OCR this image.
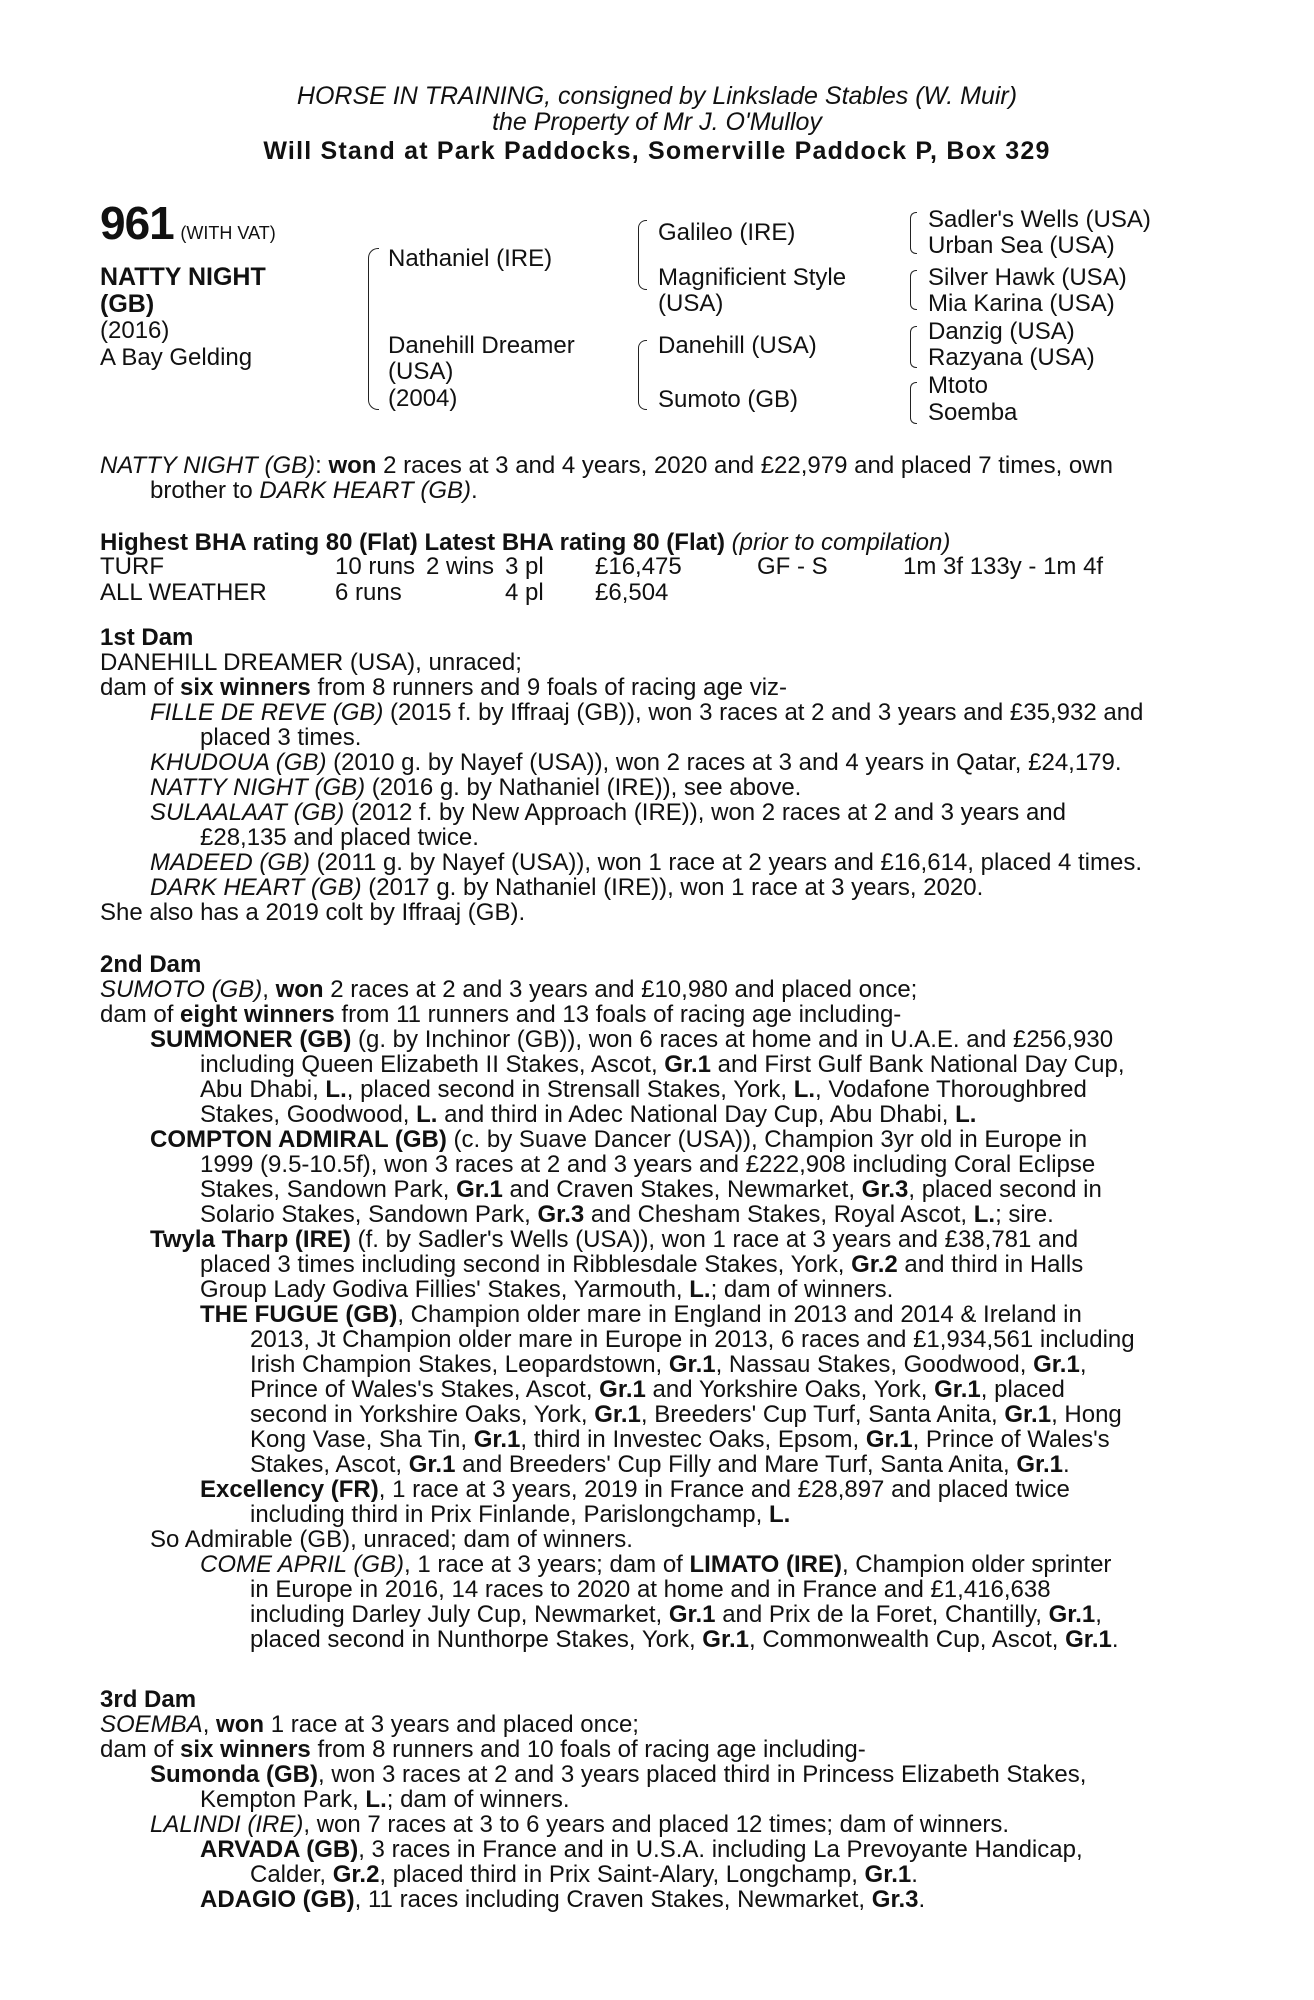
HORSE IN TRAINING, consigned by Linkslade Stables (W. Muir)
the Property of Mr J. O'Mulloy
Will Stand at Park Paddocks, Somerville Paddock P, Box 329
961 (WITH VAT)
NATTY NIGHT
(GB)
(2016)
A Bay Gelding
Nathaniel (IRE)
Danehill Dreamer
(USA)
(2004)
Galileo (IRE)
Magnificient Style
(USA)
Danehill (USA)
Sumoto (GB)
Sadler's Wells (USA)
Urban Sea (USA)
Silver Hawk (USA)
Mia Karina (USA)
Danzig (USA)
Razyana (USA)
Mtoto
Soemba
NATTY NIGHT (GB): won 2 races at 3 and 4 years, 2020 and £22,979 and placed 7 times, own
brother to DARK HEART (GB).
Highest BHA rating 80 (Flat) Latest BHA rating 80 (Flat) (prior to compilation)
TURF	10 runs 2 wins 3 pl £16,475	GF - S	1m 3f 133y - 1m 4f
ALL WEATHER	6 runs	4 pl £6,504
1st Dam
DANEHILL DREAMER (USA), unraced;
dam of six winners from 8 runners and 9 foals of racing age viz-
FILLE DE REVE (GB) (2015 f. by Iffraaj (GB)), won 3 races at 2 and 3 years and £35,932 and
placed 3 times.
KHUDOUA (GB) (2010 g. by Nayef (USA)), won 2 races at 3 and 4 years in Qatar, £24,179.
NATTY NIGHT (GB) (2016 g. by Nathaniel (IRE)), see above.
SULAALAAT (GB) (2012 f. by New Approach (IRE)), won 2 races at 2 and 3 years and
£28,135 and placed twice.
MADEED (GB) (2011 g. by Nayef (USA)), won 1 race at 2 years and £16,614, placed 4 times.
DARK HEART (GB) (2017 g. by Nathaniel (IRE)), won 1 race at 3 years, 2020.
She also has a 2019 colt by Iffraaj (GB).
2nd Dam
SUMOTO (GB), won 2 races at 2 and 3 years and £10,980 and placed once;
dam of eight winners from 11 runners and 13 foals of racing age including-
SUMMONER (GB) (g. by Inchinor (GB)), won 6 races at home and in U.A.E. and £256,930
including Queen Elizabeth II Stakes, Ascot, Gr.1 and First Gulf Bank National Day Cup,
Abu Dhabi, L., placed second in Strensall Stakes, York, L., Vodafone Thoroughbred
Stakes, Goodwood, L. and third in Adec National Day Cup, Abu Dhabi, L.
COMPTON ADMIRAL (GB) (c. by Suave Dancer (USA)), Champion 3yr old in Europe in
1999 (9.5-10.5f), won 3 races at 2 and 3 years and £222,908 including Coral Eclipse
Stakes, Sandown Park, Gr.1 and Craven Stakes, Newmarket, Gr.3, placed second in
Solario Stakes, Sandown Park, Gr.3 and Chesham Stakes, Royal Ascot, L.; sire.
Twyla Tharp (IRE) (f. by Sadler's Wells (USA)), won 1 race at 3 years and £38,781 and
placed 3 times including second in Ribblesdale Stakes, York, Gr.2 and third in Halls
Group Lady Godiva Fillies' Stakes, Yarmouth, L.; dam of winners.
THE FUGUE (GB), Champion older mare in England in 2013 and 2014 & Ireland in
2013, Jt Champion older mare in Europe in 2013, 6 races and £1,934,561 including
Irish Champion Stakes, Leopardstown, Gr.1, Nassau Stakes, Goodwood, Gr.1,
Prince of Wales's Stakes, Ascot, Gr.1 and Yorkshire Oaks, York, Gr.1, placed
second in Yorkshire Oaks, York, Gr.1, Breeders' Cup Turf, Santa Anita, Gr.1, Hong
Kong Vase, Sha Tin, Gr.1, third in Investec Oaks, Epsom, Gr.1, Prince of Wales's
Stakes, Ascot, Gr.1 and Breeders' Cup Filly and Mare Turf, Santa Anita, Gr.1.
Excellency (FR), 1 race at 3 years, 2019 in France and £28,897 and placed twice
including third in Prix Finlande, Parislongchamp, L.
So Admirable (GB), unraced; dam of winners.
COME APRIL (GB), 1 race at 3 years; dam of LIMATO (IRE), Champion older sprinter
in Europe in 2016, 14 races to 2020 at home and in France and £1,416,638
including Darley July Cup, Newmarket, Gr.1 and Prix de la Foret, Chantilly, Gr.1,
placed second in Nunthorpe Stakes, York, Gr.1, Commonwealth Cup, Ascot, Gr.1.
3rd Dam
SOEMBA, won 1 race at 3 years and placed once;
dam of six winners from 8 runners and 10 foals of racing age including-
Sumonda (GB), won 3 races at 2 and 3 years placed third in Princess Elizabeth Stakes,
Kempton Park, L.; dam of winners.
LALINDI (IRE), won 7 races at 3 to 6 years and placed 12 times; dam of winners.
ARVADA (GB), 3 races in France and in U.S.A. including La Prevoyante Handicap,
Calder, Gr.2, placed third in Prix Saint-Alary, Longchamp, Gr.1.
ADAGIO (GB), 11 races including Craven Stakes, Newmarket, Gr.3.
